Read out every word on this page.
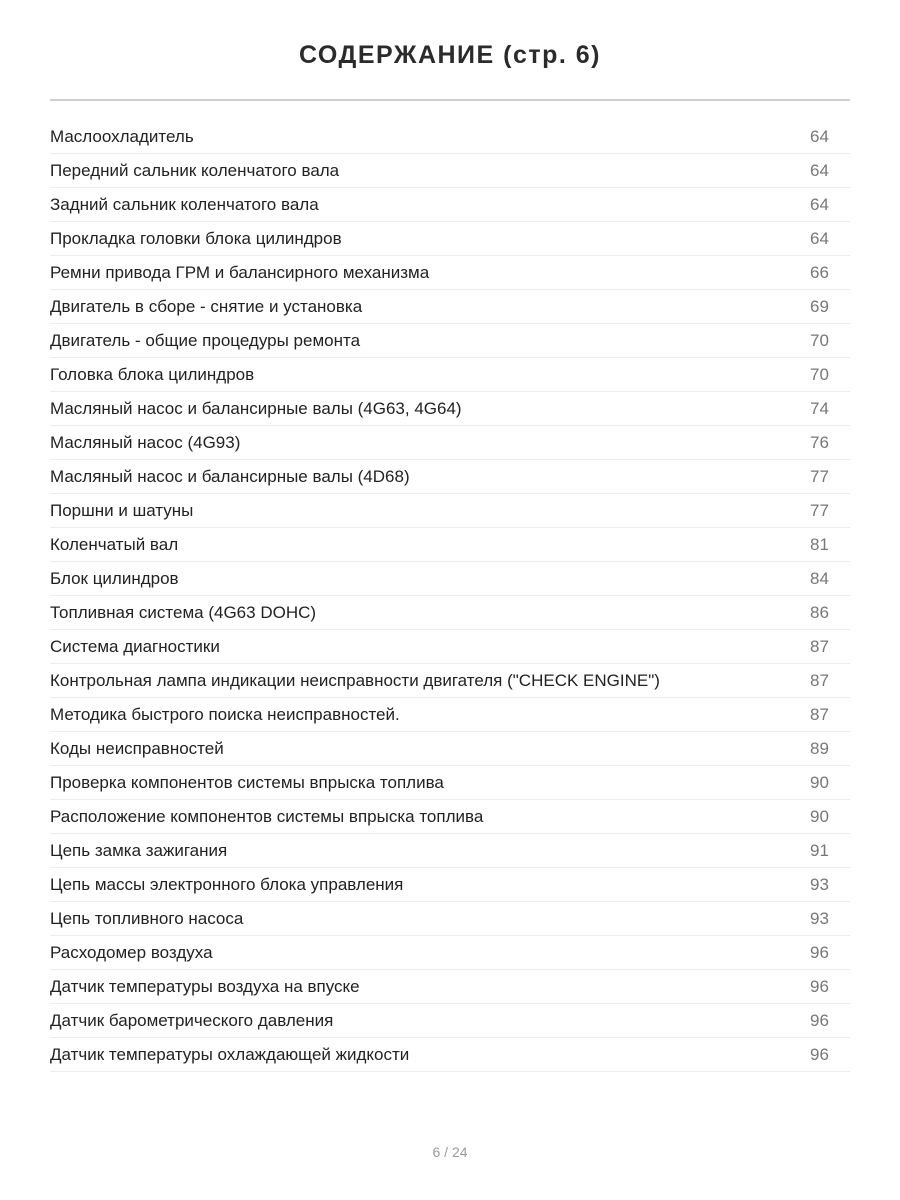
СОДЕРЖАНИЕ (стр. 6)
Маслоохладитель	64
Передний сальник коленчатого вала	64
Задний сальник коленчатого вала	64
Прокладка головки блока цилиндров	64
Ремни привода ГРМ и балансирного механизма	66
Двигатель в сборе - снятие и установка	69
Двигатель - общие процедуры ремонта	70
Головка блока цилиндров	70
Масляный насос и балансирные валы (4G63, 4G64)	74
Масляный насос (4G93)	76
Масляный насос и балансирные валы (4D68)	77
Поршни и шатуны	77
Коленчатый вал	81
Блок цилиндров	84
Топливная система (4G63 DOHC)	86
Система диагностики	87
Контрольная лампа индикации неисправности двигателя ("CHECK ENGINE")	87
Методика быстрого поиска неисправностей.	87
Коды неисправностей	89
Проверка компонентов системы впрыска топлива	90
Расположение компонентов системы впрыска топлива	90
Цепь замка зажигания	91
Цепь массы электронного блока управления	93
Цепь топливного насоса	93
Расходомер воздуха	96
Датчик температуры воздуха на впуске	96
Датчик барометрического давления	96
Датчик температуры охлаждающей жидкости	96
6 / 24
